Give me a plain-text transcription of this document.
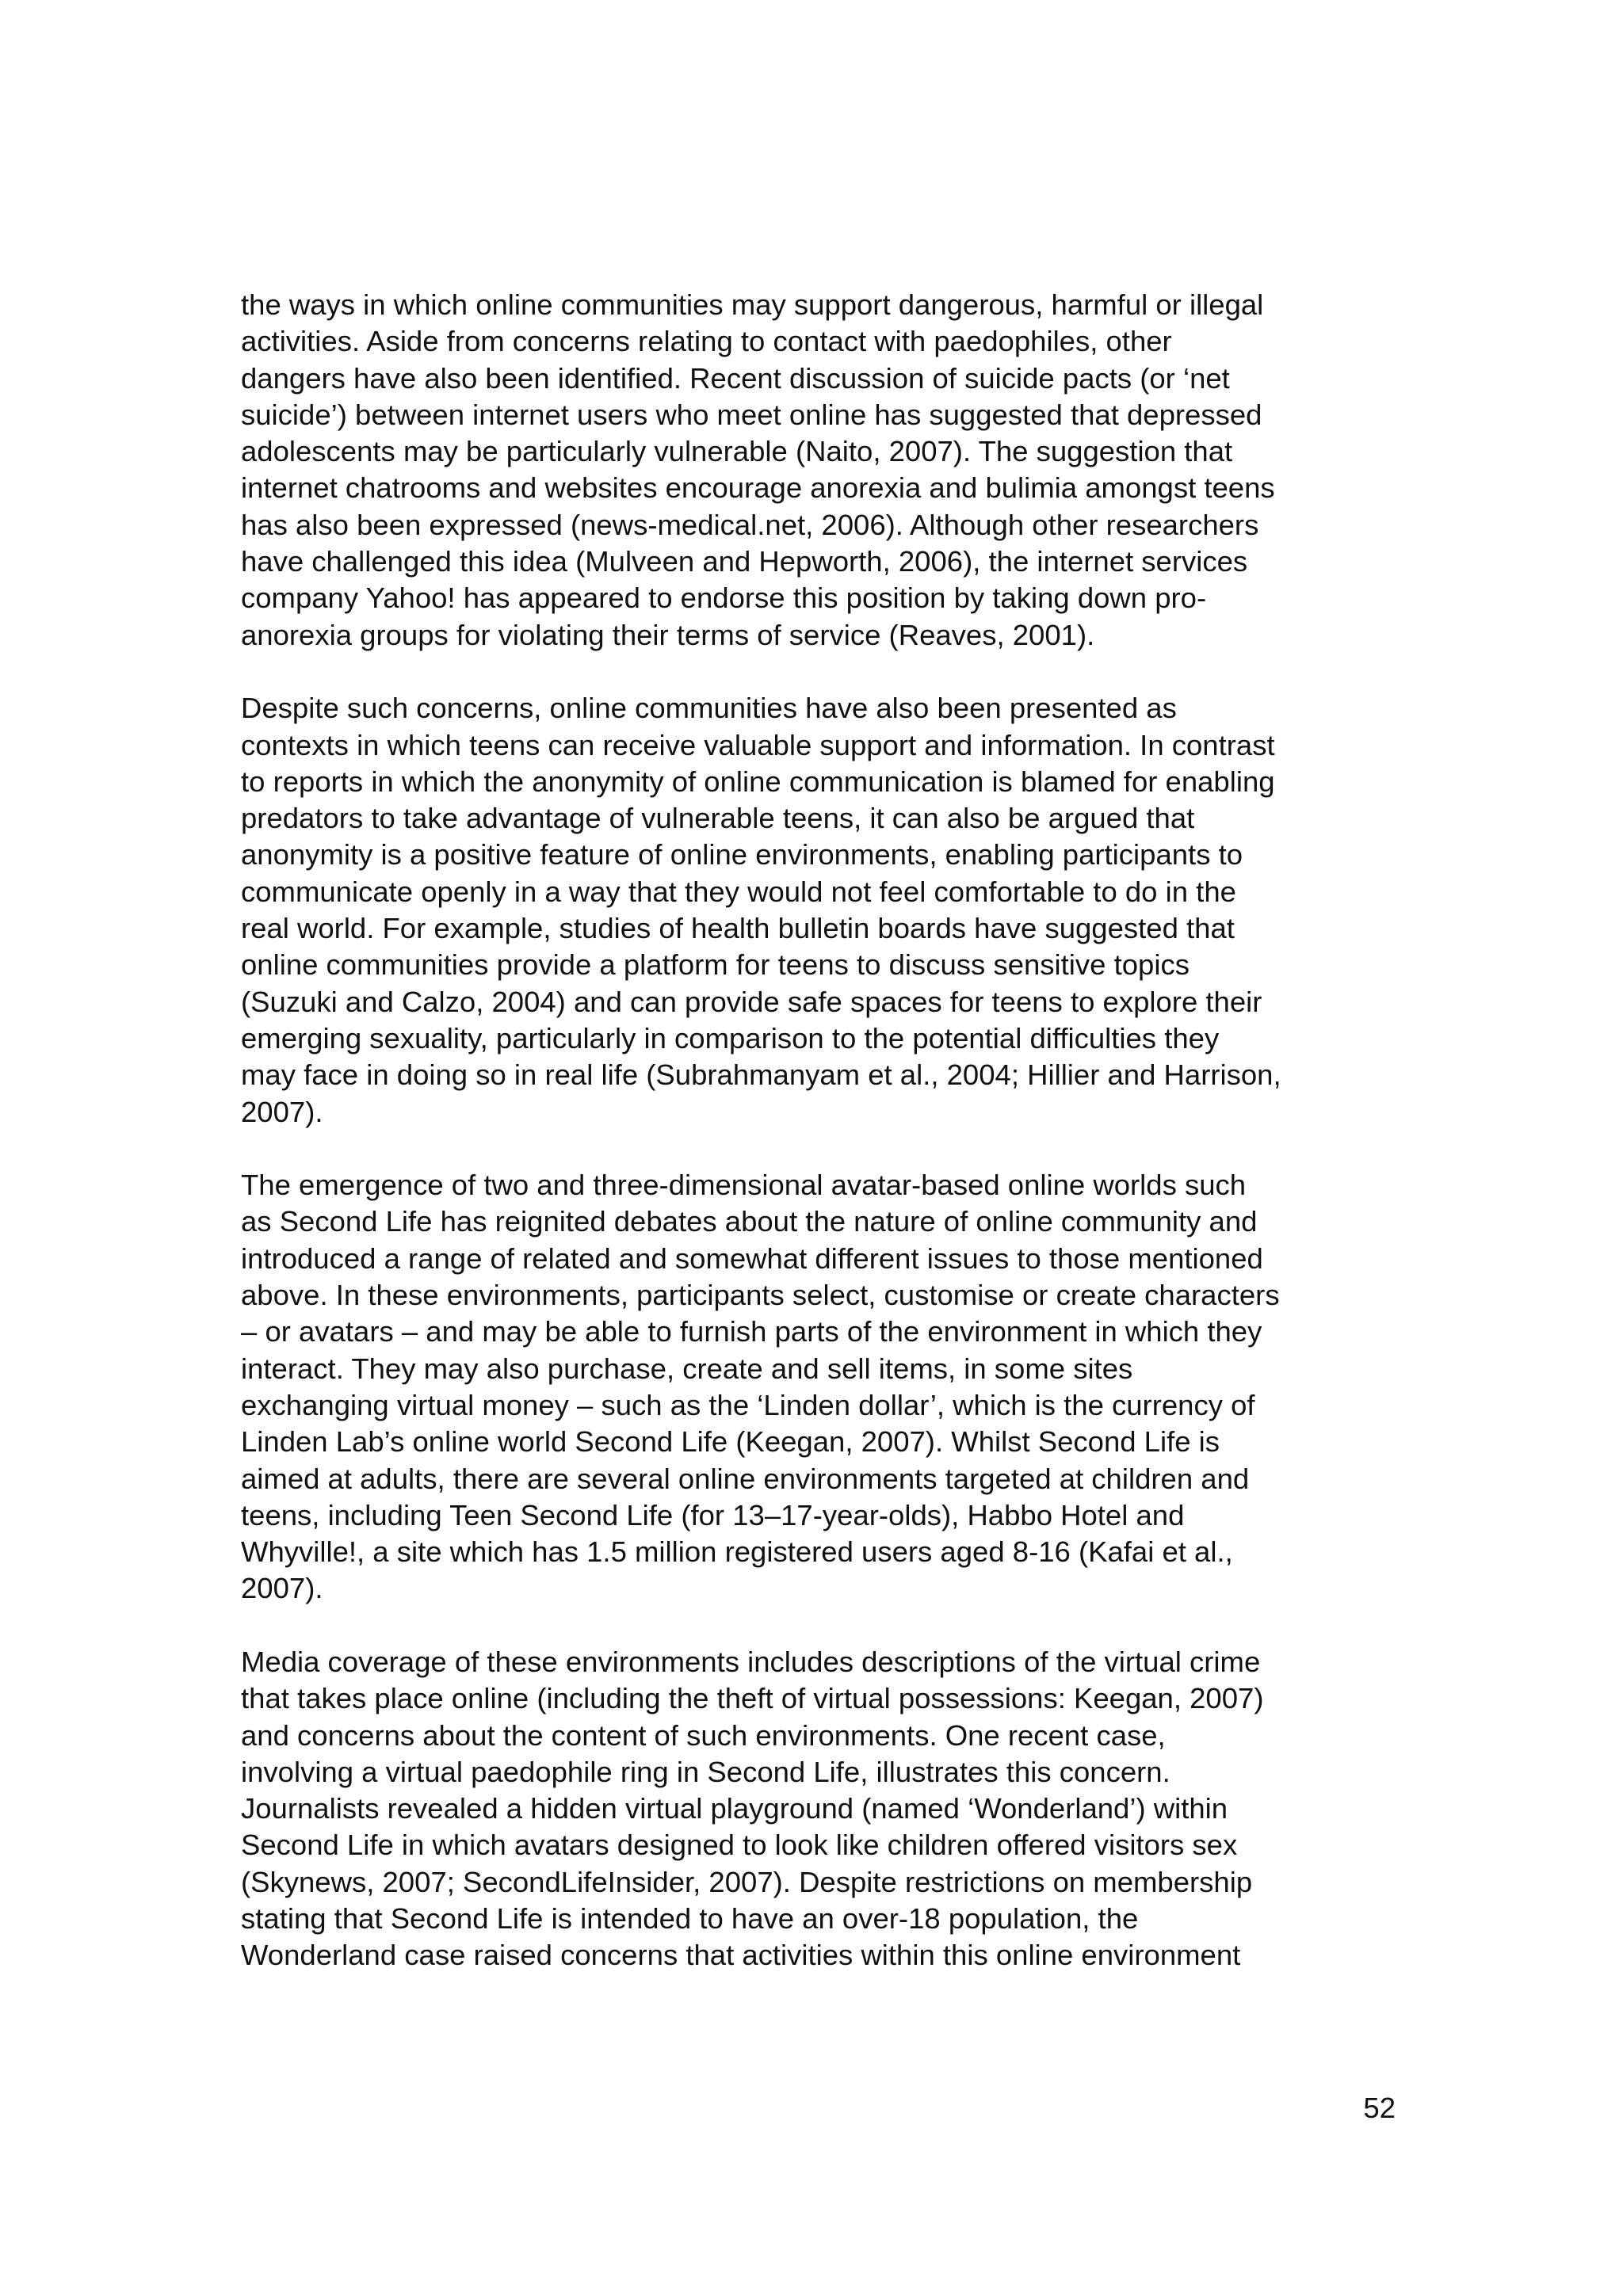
the ways in which online communities may support dangerous, harmful or illegal
activities. Aside from concerns relating to contact with paedophiles, other
dangers have also been identified. Recent discussion of suicide pacts (or ‘net
suicide’) between internet users who meet online has suggested that depressed
adolescents may be particularly vulnerable (Naito, 2007). The suggestion that
internet chatrooms and websites encourage anorexia and bulimia amongst teens
has also been expressed (news-medical.net, 2006). Although other researchers
have challenged this idea (Mulveen and Hepworth, 2006), the internet services
company Yahoo! has appeared to endorse this position by taking down pro-
anorexia groups for violating their terms of service (Reaves, 2001).
Despite such concerns, online communities have also been presented as
contexts in which teens can receive valuable support and information. In contrast
to reports in which the anonymity of online communication is blamed for enabling
predators to take advantage of vulnerable teens, it can also be argued that
anonymity is a positive feature of online environments, enabling participants to
communicate openly in a way that they would not feel comfortable to do in the
real world. For example, studies of health bulletin boards have suggested that
online communities provide a platform for teens to discuss sensitive topics
(Suzuki and Calzo, 2004) and can provide safe spaces for teens to explore their
emerging sexuality, particularly in comparison to the potential difficulties they
may face in doing so in real life (Subrahmanyam et al., 2004; Hillier and Harrison,
2007).
The emergence of two and three-dimensional avatar-based online worlds such
as Second Life has reignited debates about the nature of online community and
introduced a range of related and somewhat different issues to those mentioned
above. In these environments, participants select, customise or create characters
– or avatars – and may be able to furnish parts of the environment in which they
interact. They may also purchase, create and sell items, in some sites
exchanging virtual money – such as the ‘Linden dollar’, which is the currency of
Linden Lab’s online world Second Life (Keegan, 2007). Whilst Second Life is
aimed at adults, there are several online environments targeted at children and
teens, including Teen Second Life (for 13–17-year-olds), Habbo Hotel and
Whyville!, a site which has 1.5 million registered users aged 8-16 (Kafai et al.,
2007).
Media coverage of these environments includes descriptions of the virtual crime
that takes place online (including the theft of virtual possessions: Keegan, 2007)
and concerns about the content of such environments. One recent case,
involving a virtual paedophile ring in Second Life, illustrates this concern.
Journalists revealed a hidden virtual playground (named ‘Wonderland’) within
Second Life in which avatars designed to look like children offered visitors sex
(Skynews, 2007; SecondLifeInsider, 2007). Despite restrictions on membership
stating that Second Life is intended to have an over-18 population, the
Wonderland case raised concerns that activities within this online environment
52
